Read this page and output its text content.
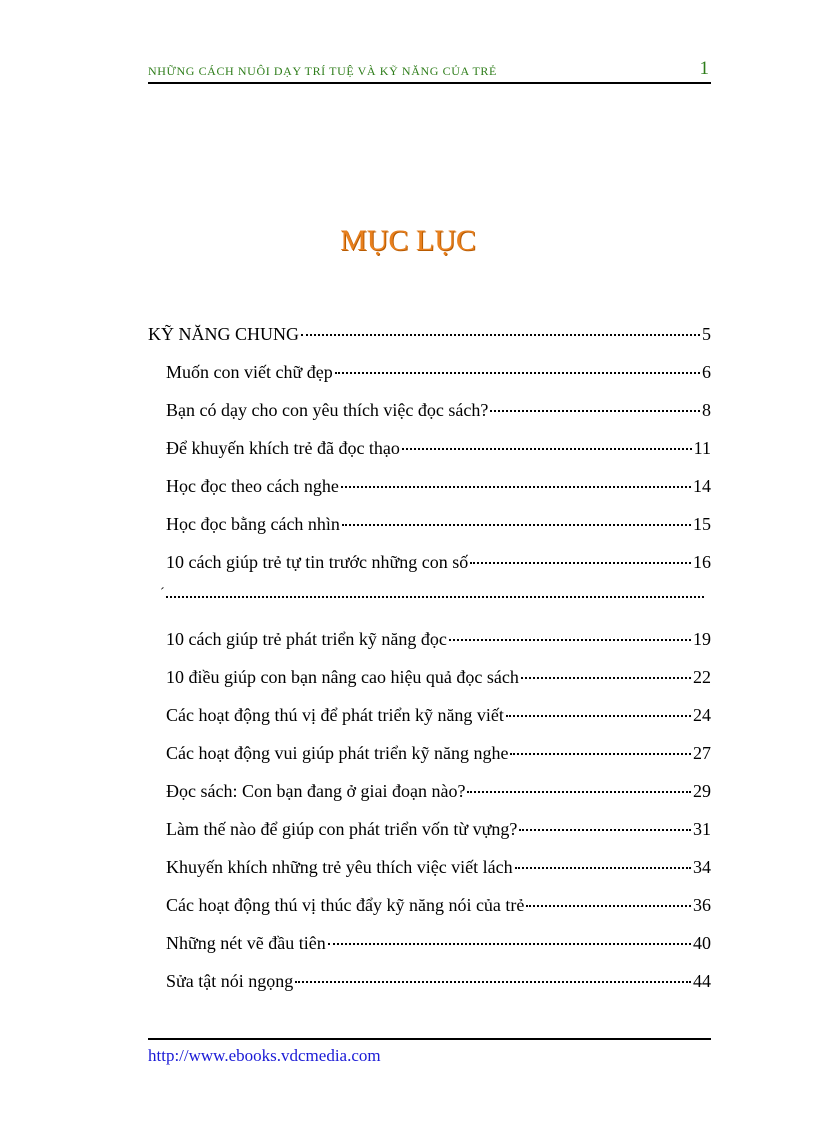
NHỮNG CÁCH NUÔI DẠY TRÍ TUỆ VÀ KỸ NĂNG CỦA TRẺ	1
MỤC LỤC
KỸ NĂNG CHUNG	5
Muốn con viết chữ đẹp	6
Bạn có dạy cho con yêu thích việc đọc sách?	8
Để khuyến khích trẻ đã đọc thạo	11
Học đọc theo cách nghe	14
Học đọc bằng cách nhìn	15
10 cách giúp trẻ tự tin trước những con số	16
10 cách giúp trẻ phát triển kỹ năng đọc	19
10 điều giúp con bạn nâng cao hiệu quả đọc sách	22
Các hoạt động thú vị để phát triển kỹ năng viết	24
Các hoạt động vui giúp phát triển kỹ năng nghe	27
Đọc sách: Con bạn đang ở giai đoạn nào?	29
Làm thế nào để giúp con phát triển vốn từ vựng?	31
Khuyến khích những trẻ yêu thích việc viết lách	34
Các hoạt động thú vị thúc đẩy kỹ năng nói của trẻ	36
Những nét vẽ đầu tiên	40
Sửa tật nói ngọng	44
´
http://www.ebooks.vdcmedia.com
